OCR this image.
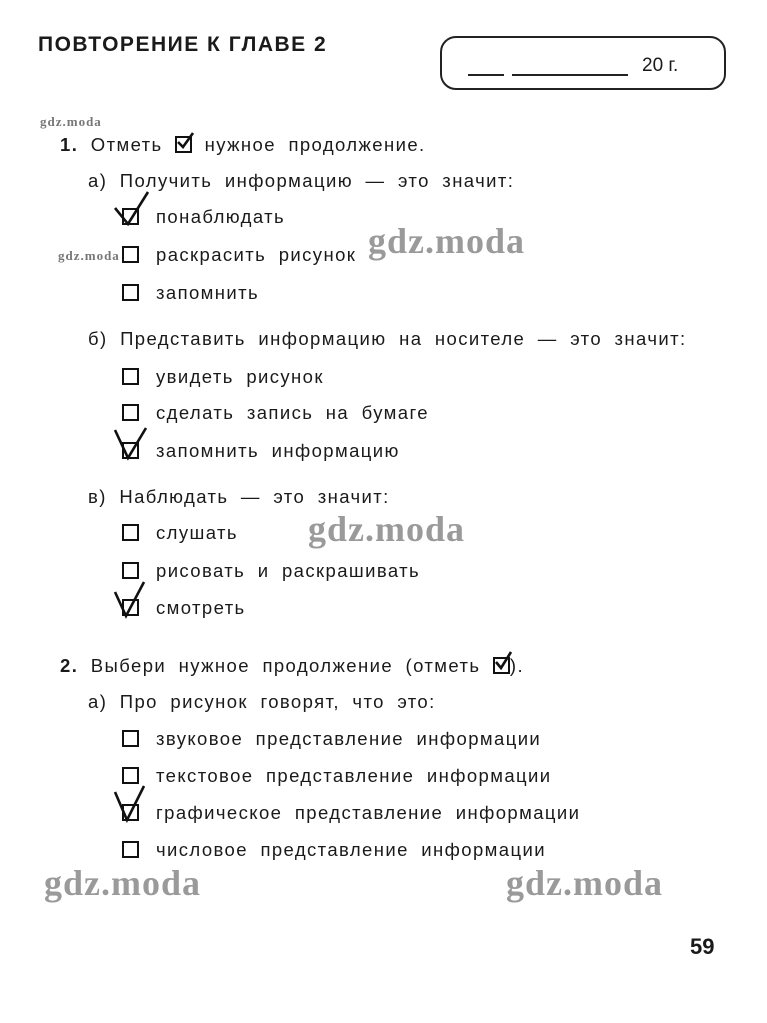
ПОВТОРЕНИЕ К ГЛАВЕ 2
20 г.
gdz.moda
gdz.moda
1. Отметь нужное продолжение.
а) Получить информацию — это значит:
понаблюдать
раскрасить рисунок
запомнить
gdz.moda
б) Представить информацию на носителе — это значит:
увидеть рисунок
сделать запись на бумаге
запомнить информацию
в) Наблюдать — это значит:
слушать gdz.moda
рисовать и раскрашивать
смотреть
2. Выбери нужное продолжение (отметь ).
а) Про рисунок говорят, что это:
звуковое представление информации
текстовое представление информации
графическое представление информации
числовое представление информации
gdz.moda	gdz.moda
59
